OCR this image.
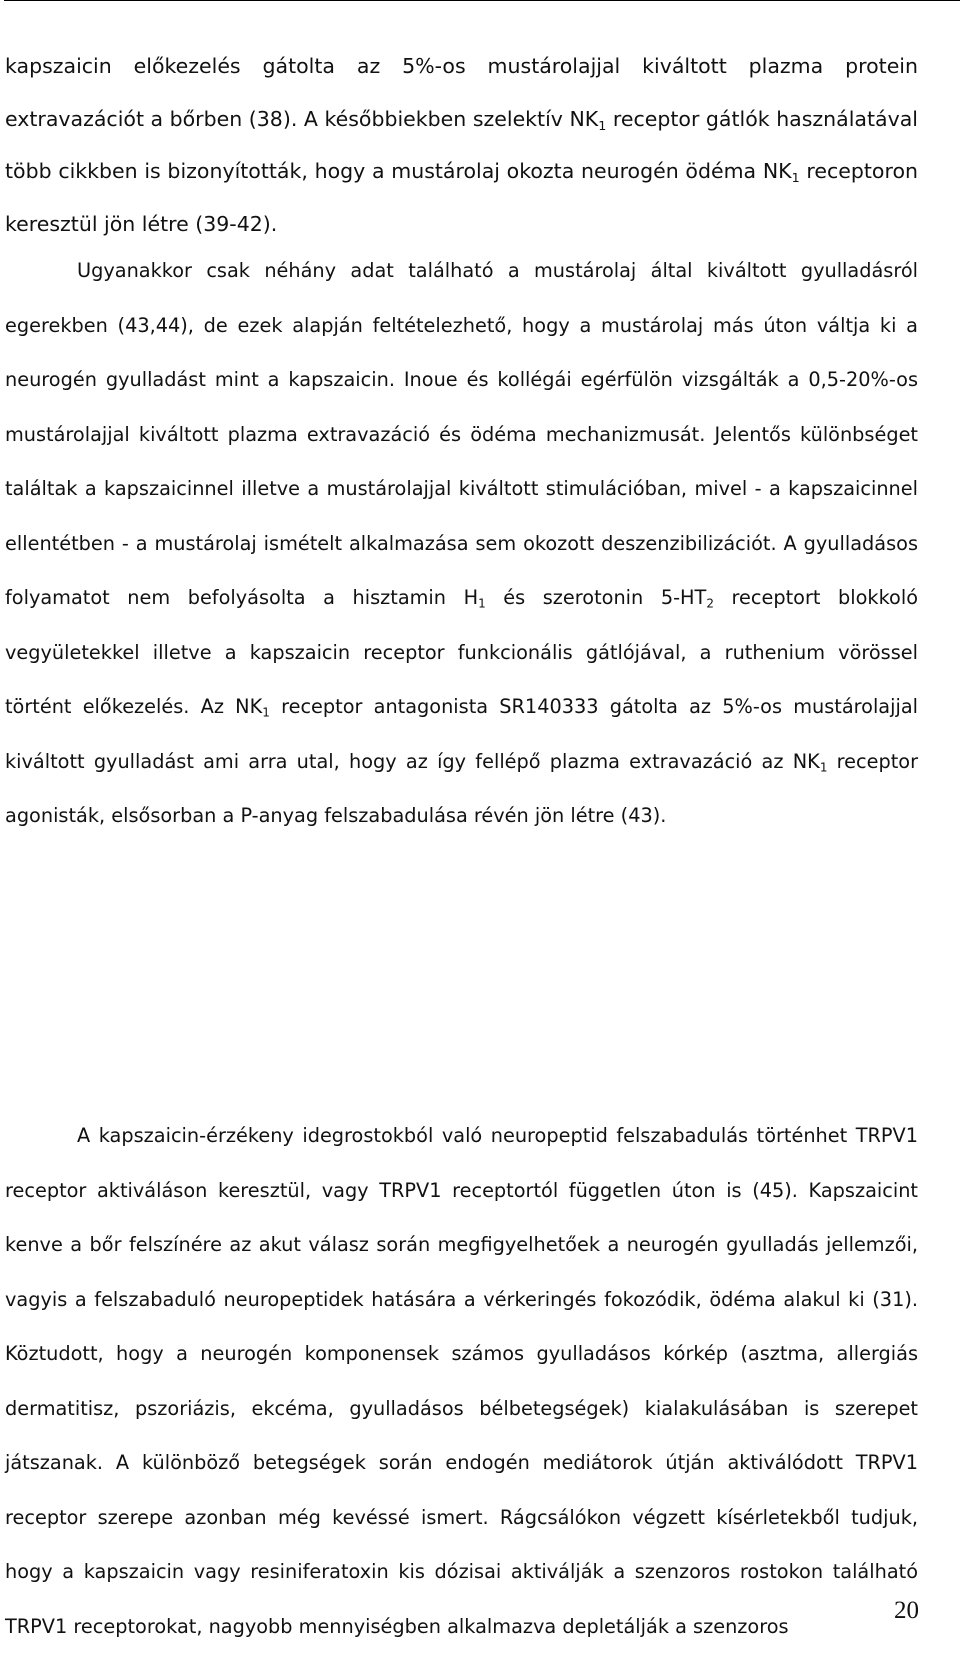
kapszaicin előkezelés gátolta az 5%-os mustárolajjal kiváltott plazma protein extravazációt a bőrben (38). A későbbiekben szelektív $NK_1$ receptor gátlók használatával több cikkben is bizonyították, hogy a mustárolaj okozta neurogén ödéma $NK_1$ receptoron keresztül jön létre (39-42).
Ugyanakkor csak néhány adat található a mustárolaj által kiváltott gyulladásról egerekben (43,44), de ezek alapján feltételezhető, hogy a mustárolaj más úton váltja ki a neurogén gyulladást mint a kapszaicin. Inoue és kollégái egérfülön vizsgálták a 0,5-20%-os mustárolajjal kiváltott plazma extravazáció és ödéma mechanizmusát. Jelentős különbséget találtak a kapszaicinnel illetve a mustárolajjal kiváltott stimulációban, mivel - a kapszaicinnel ellentétben - a mustárolaj ismételt alkalmazása sem okozott deszenzibilizációt. A gyulladásos folyamatot nem befolyásolta a hisztamin $H_1$ és szerotonin $5-HT_2$ receptort blokkoló vegyületekkel illetve a kapszaicin receptor funkcionális gátlójával, a ruthenium vörössel történt előkezelés. Az $NK_1$ receptor antagonista SR140333 gátolta az 5%-os mustárolajjal kiváltott gyulladást ami arra utal, hogy az így fellépő plazma extravazáció az $NK_1$ receptor agonisták, elsősorban a P-anyag felszabadulása révén jön létre (43).
A kapszaicin-érzékeny idegrostokból való neuropeptid felszabadulás történhet TRPV1 receptor aktiváláson keresztül, vagy TRPV1 receptortól független úton is (45). Kapszaicint kenve a bőr felszínére az akut válasz során megfigyelhetőek a neurogén gyulladás jellemzői, vagyis a felszabaduló neuropeptidek hatására a vérkeringés fokozódik, ödéma alakul ki (31). Köztudott, hogy a neurogén komponensek számos gyulladásos kórkép (asztma, allergiás dermatitisz, pszoriázis, ekcéma, gyulladásos bélbetegségek) kialakulásában is szerepet játszanak. A különböző betegségek során endogén mediátorok útján aktiválódott TRPV1 receptor szerepe azonban még kevéssé ismert. Rágcsálókon végzett kísérletekből tudjuk, hogy a kapszaicin vagy resiniferatoxin kis dózisai aktiválják a szenzoros rostokon található TRPV1 receptorokat, nagyobb mennyiségben alkalmazva depletálják a szenzoros
20
